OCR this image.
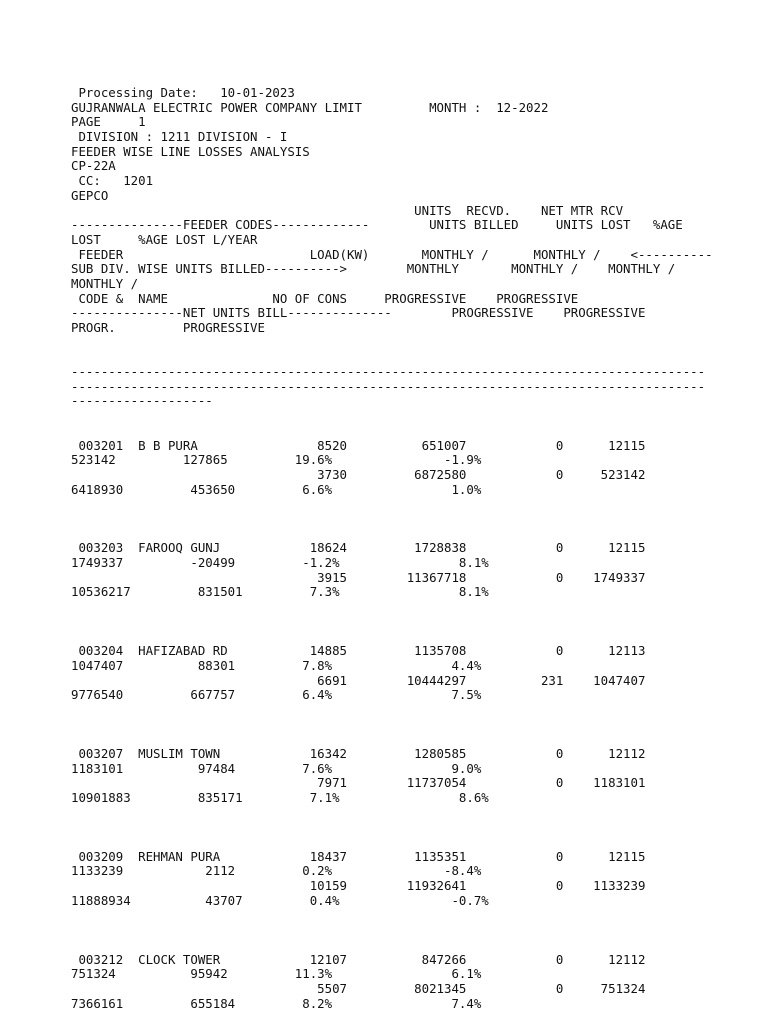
Processing Date:   10-01-2023
GUJRANWALA ELECTRIC POWER COMPANY LIMIT         MONTH :  12-2022
PAGE     1
DIVISION : 1211 DIVISION - I
FEEDER WISE LINE LOSSES ANALYSIS
CP-22A
CC:   1201
GEPCO
UNITS  RECVD.    NET MTR RCV
---------------FEEDER CODES-------------        UNITS BILLED     UNITS LOST   %AGE
LOST     %AGE LOST L/YEAR
FEEDER                         LOAD(KW)       MONTHLY /      MONTHLY /    <----------
SUB DIV. WISE UNITS BILLED---------->        MONTHLY       MONTHLY /    MONTHLY /
MONTHLY /
CODE &  NAME              NO OF CONS     PROGRESSIVE    PROGRESSIVE
---------------NET UNITS BILL--------------        PROGRESSIVE    PROGRESSIVE
PROGR.         PROGRESSIVE
-------------------------------------------------------------------------------------
-------------------------------------------------------------------------------------
-------------------
003201  B B PURA                8520          651007            0      12115
523142         127865         19.6%               -1.9%
3730         6872580            0     523142
6418930         453650         6.6%                1.0%
003203  FAROOQ GUNJ            18624         1728838            0      12115
1749337         -20499         -1.2%                8.1%
3915        11367718            0    1749337
10536217         831501         7.3%                8.1%
003204  HAFIZABAD RD           14885         1135708            0      12113
1047407          88301         7.8%                4.4%
6691        10444297          231    1047407
9776540         667757         6.4%                7.5%
003207  MUSLIM TOWN            16342         1280585            0      12112
1183101          97484         7.6%                9.0%
7971        11737054            0    1183101
10901883         835171         7.1%                8.6%
003209  REHMAN PURA            18437         1135351            0      12115
1133239           2112         0.2%               -8.4%
10159        11932641            0    1133239
11888934          43707         0.4%               -0.7%
003212  CLOCK TOWER            12107          847266            0      12112
751324          95942         11.3%                6.1%
5507         8021345            0     751324
7366161         655184         8.2%                7.4%
